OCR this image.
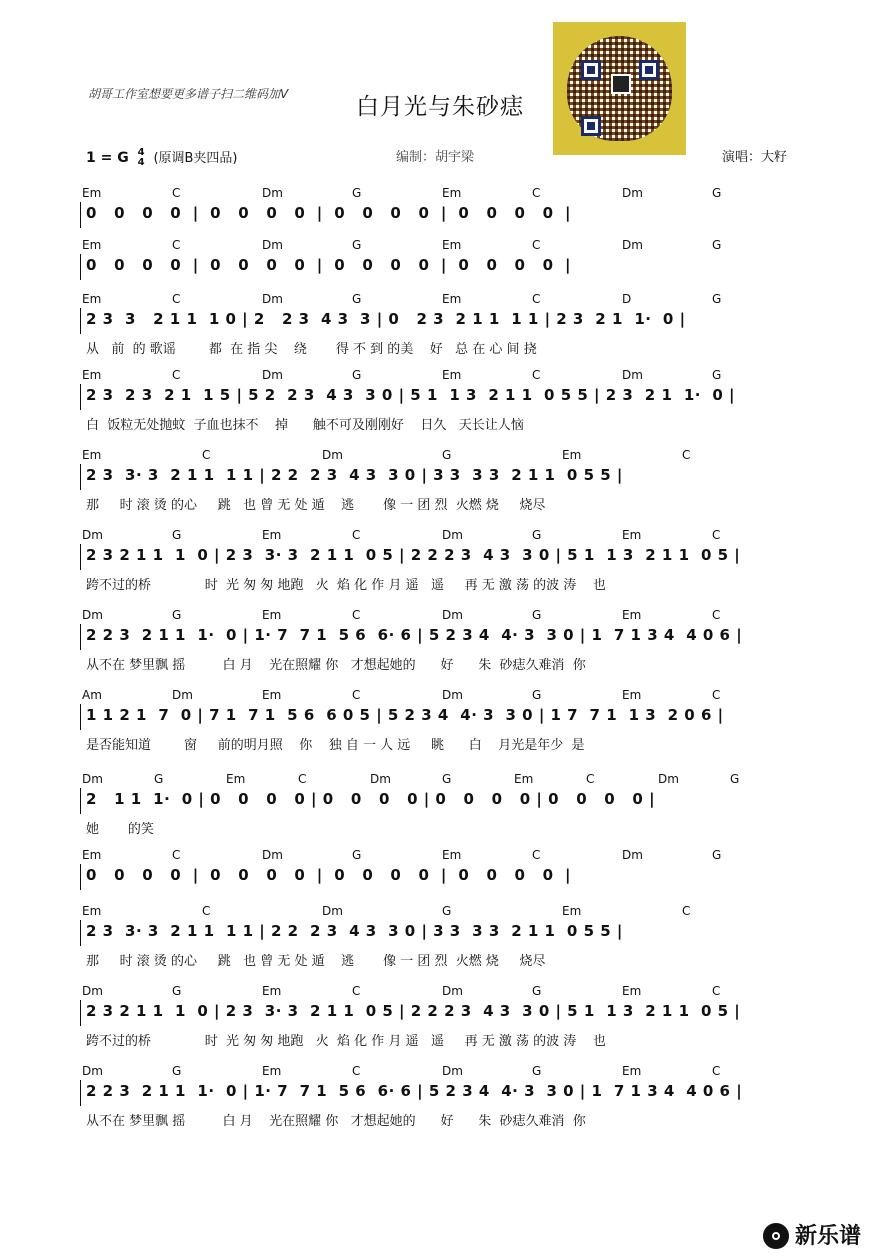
胡哥工作室想要更多谱子扫二维码加V	白月光与朱砂痣
1 = G 4
4 (原调B夹四品)	编制：胡宇梁	演唱：大籽
Em	C	Dm	G	Em	C	Dm	G
0   0   0   0  |  0   0   0   0  |  0   0   0   0  |  0   0   0   0  |
Em	C	Dm	G	Em	C	Dm	G
0   0   0   0  |  0   0   0   0  |  0   0   0   0  |  0   0   0   0  |
Em	C	Dm	G	Em	C	D	G
2 3  3   2 1 1  1 0 | 2   2 3  4 3  3 | 0   2 3  2 1 1  1 1 | 2 3  2 1  1·  0 |
从   前  的 歌谣        都  在 指 尖    绕       得 不 到 的美    好   总 在 心 间 挠
Em	C	Dm	G	Em	C	Dm	G
2 3  2 3  2 1  1 5 | 5 2  2 3  4 3  3 0 | 5 1  1 3  2 1 1  0 5 5 | 2 3  2 1  1·  0 |
白  饭粒无处抛蚊  子血也抹不    掉      触不可及刚刚好    日久   天长让人恼
Em	C	Dm	G	Em	C
2 3  3· 3  2 1 1  1 1 | 2 2  2 3  4 3  3 0 | 3 3  3 3  2 1 1  0 5 5 |
那     时 滚 烫 的心     跳   也 曾 无 处 遁    逃       像 一 团 烈  火燃 烧     烧尽
Dm	G	Em	C	Dm	G	Em	C
2 3 2 1 1  1  0 | 2 3  3· 3  2 1 1  0 5 | 2 2 2 3  4 3  3 0 | 5 1  1 3  2 1 1  0 5 |
跨不过的桥             时  光 匆 匆 地跑   火  焰 化 作 月 遥   遥     再 无 激 荡 的波 涛    也
Dm	G	Em	C	Dm	G	Em	C
2 2 3  2 1 1  1·  0 | 1· 7  7 1  5 6  6· 6 | 5 2 3 4  4· 3  3 0 | 1  7 1 3 4  4 0 6 |
从不在 梦里飘 摇         白 月    光在照耀 你   才想起她的      好      朱  砂痣久难消  你
Am	Dm	Em	C	Dm	G	Em	C
1 1 2 1  7  0 | 7 1  7 1  5 6  6 0 5 | 5 2 3 4  4· 3  3 0 | 1 7  7 1  1 3  2 0 6 |
是否能知道        窗     前的明月照    你    独 自 一 人 远     眺      白    月光是年少  是
Dm	G	Em	C	Dm	G	Em	C	Dm	G
2   1 1  1·  0 | 0   0   0   0 | 0   0   0   0 | 0   0   0   0 | 0   0   0   0 |
她       的笑
Em	C	Dm	G	Em	C	Dm	G
0   0   0   0  |  0   0   0   0  |  0   0   0   0  |  0   0   0   0  |
Em	C	Dm	G	Em	C
2 3  3· 3  2 1 1  1 1 | 2 2  2 3  4 3  3 0 | 3 3  3 3  2 1 1  0 5 5 |
那     时 滚 烫 的心     跳   也 曾 无 处 遁    逃       像 一 团 烈  火燃 烧     烧尽
Dm	G	Em	C	Dm	G	Em	C
2 3 2 1 1  1  0 | 2 3  3· 3  2 1 1  0 5 | 2 2 2 3  4 3  3 0 | 5 1  1 3  2 1 1  0 5 |
跨不过的桥             时  光 匆 匆 地跑   火  焰 化 作 月 遥   遥     再 无 激 荡 的波 涛    也
Dm	G	Em	C	Dm	G	Em	C
2 2 3  2 1 1  1·  0 | 1· 7  7 1  5 6  6· 6 | 5 2 3 4  4· 3  3 0 | 1  7 1 3 4  4 0 6 |
从不在 梦里飘 摇         白 月    光在照耀 你   才想起她的      好      朱  砂痣久难消  你
新乐谱
